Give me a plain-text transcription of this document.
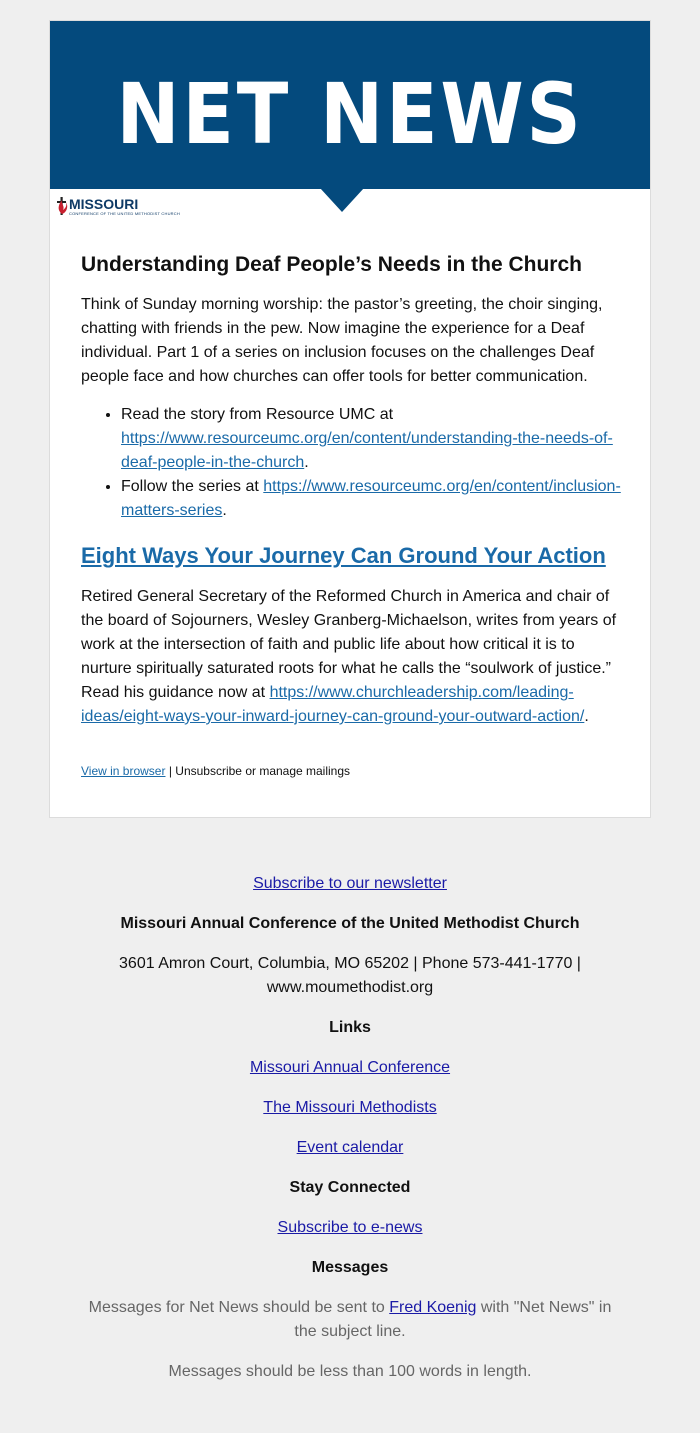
NET NEWS
MISSOURI
CONFERENCE OF THE UNITED METHODIST CHURCH
Understanding Deaf People’s Needs in the Church

Think of Sunday morning worship: the pastor’s greeting, the choir singing, chatting with friends in the pew. Now imagine the experience for a Deaf individual. Part 1 of a series on inclusion focuses on the challenges Deaf people face and how churches can offer tools for better communication.

• Read the story from Resource UMC at https://www.resourceumc.org/en/content/understanding-the-needs-of-deaf-people-in-the-church.
• Follow the series at https://www.resourceumc.org/en/content/inclusion-matters-series.
Eight Ways Your Journey Can Ground Your Action

Retired General Secretary of the Reformed Church in America and chair of the board of Sojourners, Wesley Granberg-Michaelson, writes from years of work at the intersection of faith and public life about how critical it is to nurture spiritually saturated roots for what he calls the “soulwork of justice.” Read his guidance now at https://www.churchleadership.com/leading-ideas/eight-ways-your-inward-journey-can-ground-your-outward-action/.

View in browser | Unsubscribe or manage mailings
Subscribe to our newsletter
Missouri Annual Conference of the United Methodist Church
3601 Amron Court, Columbia, MO 65202 | Phone 573-441-1770 | www.moumethodist.org
Links
Missouri Annual Conference
The Missouri Methodists
Event calendar
Stay Connected
Subscribe to e-news
Messages
Messages for Net News should be sent to Fred Koenig with "Net News" in the subject line.
Messages should be less than 100 words in length.
